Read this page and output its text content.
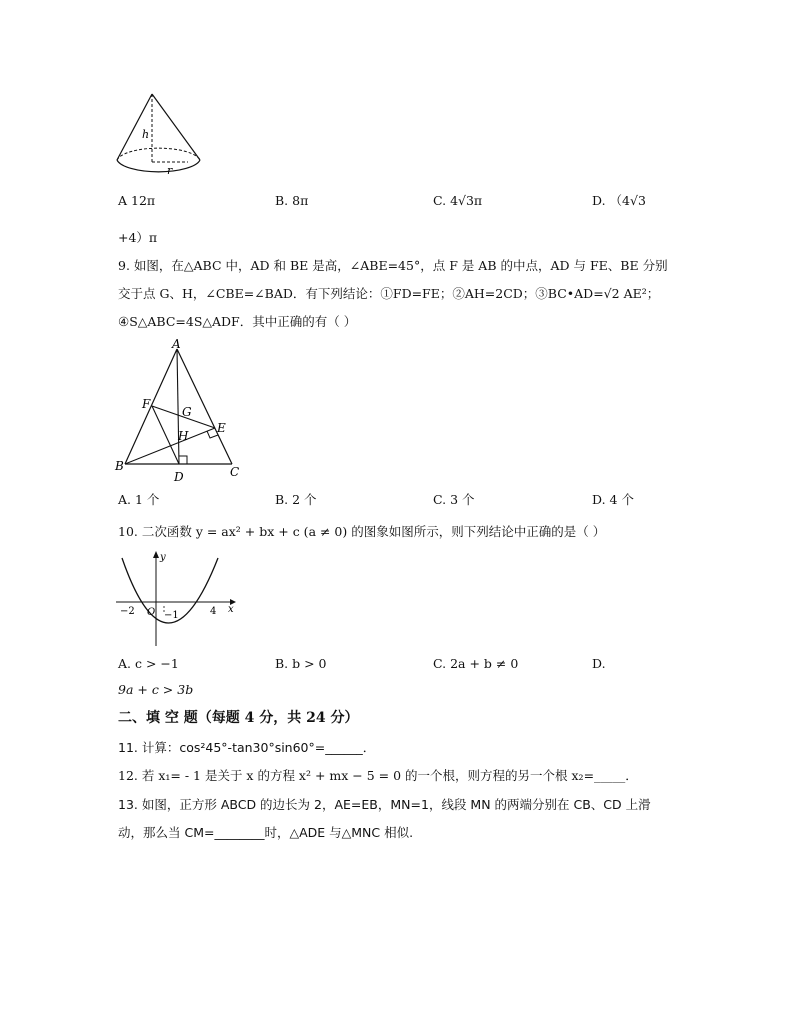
h
r
A 12π	B. 8π	C. 4√3π	D. （4√3
+4）π
9. 如图，在△ABC 中，AD 和 BE 是高，∠ABE=45°，点 F 是 AB 的中点，AD 与 FE、BE 分别
交于点 G、H，∠CBE=∠BAD．有下列结论：①FD=FE；②AH=2CD；③BC•AD=√2 AE²；
④S△ABC=4S△ADF．其中正确的有（ ）
A
F
G
H
E
B
D	C
A. 1 个	B. 2 个	C. 3 个	D. 4 个
10. 二次函数 y = ax² + bx + c (a ≠ 0) 的图象如图所示，则下列结论中正确的是（ ）
y
x
O
−2	−1	4
A. c > −1	B. b > 0	C. 2a + b ≠ 0	D.
9a + c > 3b
二、填 空 题（每题 4 分，共 24 分）
11. 计算：cos²45°-tan30°sin60°=______．
12. 若 x₁= - 1 是关于 x 的方程 x² + mx − 5 = 0 的一个根，则方程的另一个根 x₂=_____．
13. 如图，正方形 ABCD 的边长为 2，AE=EB，MN=1，线段 MN 的两端分别在 CB、CD 上滑
动，那么当 CM=________时，△ADE 与△MNC 相似.
